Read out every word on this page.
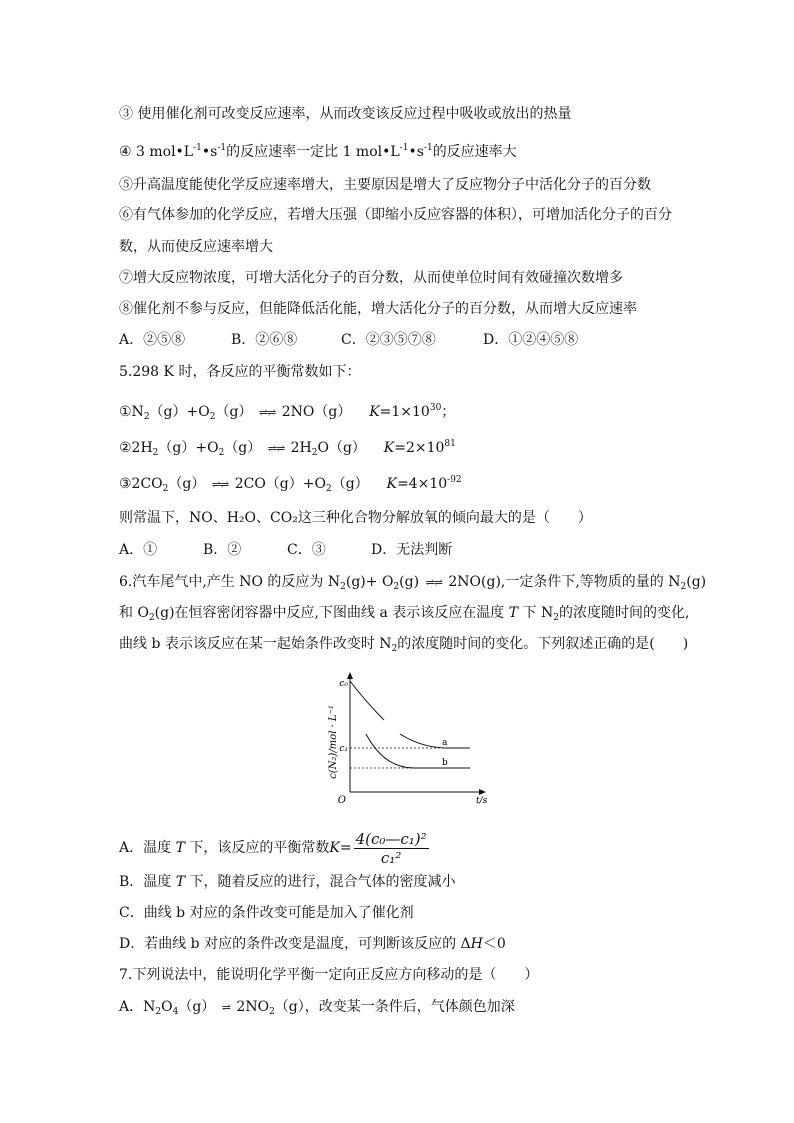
③ 使用催化剂可改变反应速率，从而改变该反应过程中吸收或放出的热量
④ 3 $mol•L^{-1}•s^{-1}$的反应速率一定比 1 $mol•L^{-1}•s^{-1}$的反应速率大
⑤升高温度能使化学反应速率增大，主要原因是增大了反应物分子中活化分子的百分数
⑥有气体参加的化学反应，若增大压强（即缩小反应容器的体积），可增加活化分子的百分
数，从而使反应速率增大
⑦增大反应物浓度，可增大活化分子的百分数，从而使单位时间有效碰撞次数增多
⑧催化剂不参与反应，但能降低活化能，增大活化分子的百分数，从而增大反应速率
A．②⑤⑧	B．②⑥⑧	C．②③⑤⑦⑧	D．①②④⑤⑧
5.298 K 时，各反应的平衡常数如下：
$①N_2(g)+O_2(g)$ ⇌⇌ 2NO（g） $K=1\times 10^{30}$；
$②2H_2(g)+O_2(g)$ ⇌⇌ $2H_2O(g)$ $K=2\times 10^{81}$
$③2CO_2(g)$ ⇌⇌ $2CO(g)+O_2(g)$ $K=4\times 10^{-92}$
则常温下，NO、H₂O、CO₂这三种化合物分解放氧的倾向最大的是（　　）
A．①	B．②	C．③	D．无法判断
6.汽车尾气中,产生 NO 的反应为 $N_2(g)+ O_2(g)$ ⇌⇌ 2NO(g),一定条件下,等物质的量的 $N_2(g)$
和 $O_2(g)$在恒容密闭容器中反应,下图曲线 a 表示该反应在温度 T 下 $N_2$的浓度随时间的变化,
曲线 b 表示该反应在某一起始条件改变时 $N_2$的浓度随时间的变化。下列叙述正确的是(　　)
c(N₂)/mol · L⁻¹
t/s
O
c₀
c₁
a
b
A．温度 T 下，该反应的平衡常数$K= \frac{\text{4(c₀—c₁)²}}{\text{c₁²}}$
B．温度 T 下，随着反应的进行，混合气体的密度减小
C．曲线 b 对应的条件改变可能是加入了催化剂
D．若曲线 b 对应的条件改变是温度，可判断该反应的 ΔH＜0
7.下列说法中，能说明化学平衡一定向正反应方向移动的是（　　）
A．$N_2O_4(g)$ ⇌ $2NO_2(g)$，改变某一条件后，气体颜色加深
